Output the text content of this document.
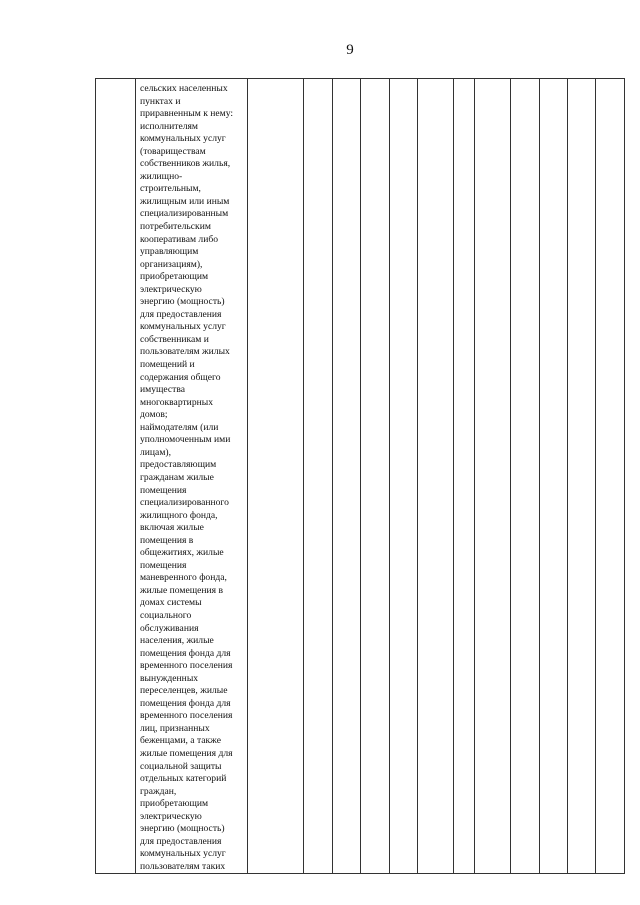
9

сельских населенных
пунктах и
приравненным к нему:
исполнителям
коммунальных услуг
(товариществам
собственников жилья,
жилищно-
строительным,
жилищным или иным
специализированным
потребительским
кооперативам либо
управляющим
организациям),
приобретающим
электрическую
энергию (мощность)
для предоставления
коммунальных услуг
собственникам и
пользователям жилых
помещений и
содержания общего
имущества
многоквартирных
домов;
наймодателям (или
уполномоченным ими
лицам),
предоставляющим
гражданам жилые
помещения
специализированного
жилищного фонда,
включая жилые
помещения в
общежитиях, жилые
помещения
маневренного фонда,
жилые помещения в
домах системы
социального
обслуживания
населения, жилые
помещения фонда для
временного поселения
вынужденных
переселенцев, жилые
помещения фонда для
временного поселения
лиц, признанных
беженцами, а также
жилые помещения для
социальной защиты
отдельных категорий
граждан,
приобретающим
электрическую
энергию (мощность)
для предоставления
коммунальных услуг
пользователям таких
